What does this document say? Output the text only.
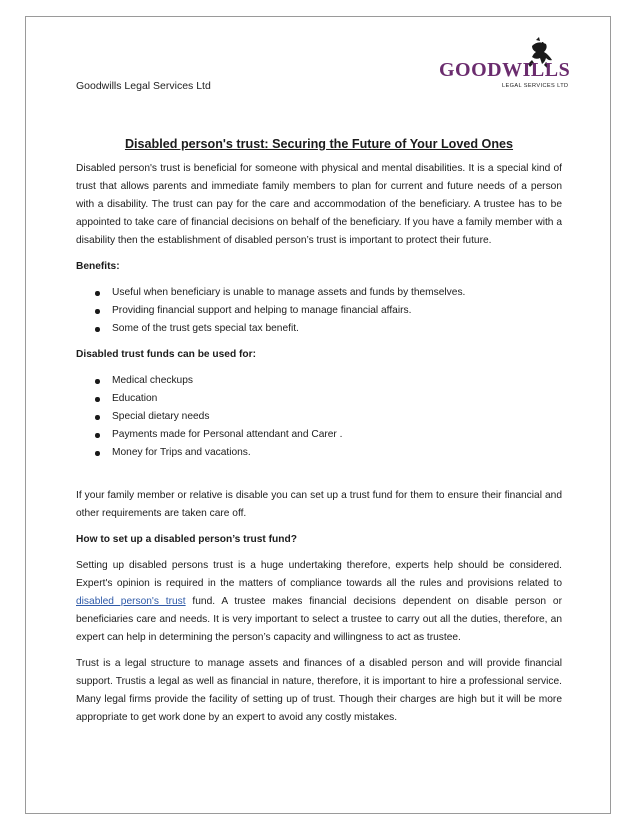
Goodwills Legal Services Ltd
GOODWILLS
LEGAL SERVICES LTD
Disabled person's trust: Securing the Future of Your Loved Ones

Disabled person's trust is beneficial for someone with physical and mental disabilities. It is a special kind of trust that allows parents and immediate family members to plan for current and future needs of a person with a disability. The trust can pay for the care and accommodation of the beneficiary. A trustee has to be appointed to take care of financial decisions on behalf of the beneficiary. If you have a family member with a disability then the establishment of disabled person’s trust is important to protect their future.

Benefits:
Useful when beneficiary is unable to manage assets and funds by themselves.
Providing financial support and helping to manage financial affairs.
Some of the trust gets special tax benefit.
Disabled trust funds can be used for:
Medical checkups
Education
Special dietary needs
Payments made for Personal attendant and Carer .
Money for Trips and vacations.

If your family member or relative is disable you can set up a trust fund for them to ensure their financial and other requirements are taken care off.

How to set up a disabled person’s trust fund?

Setting up disabled persons trust is a huge undertaking therefore, experts help should be considered. Expert's opinion is required in the matters of compliance towards all the rules and provisions related to disabled person's trust fund. A trustee makes financial decisions dependent on disable person or beneficiaries care and needs. It is very important to select a trustee to carry out all the duties, therefore, an expert can help in determining the person’s capacity and willingness to act as trustee.

Trust is a legal structure to manage assets and finances of a disabled person and will provide financial support. Trustis a legal as well as financial in nature, therefore, it is important to hire a professional service. Many legal firms provide the facility of setting up of trust. Though their charges are high but it will be more appropriate to get work done by an expert to avoid any costly mistakes.
